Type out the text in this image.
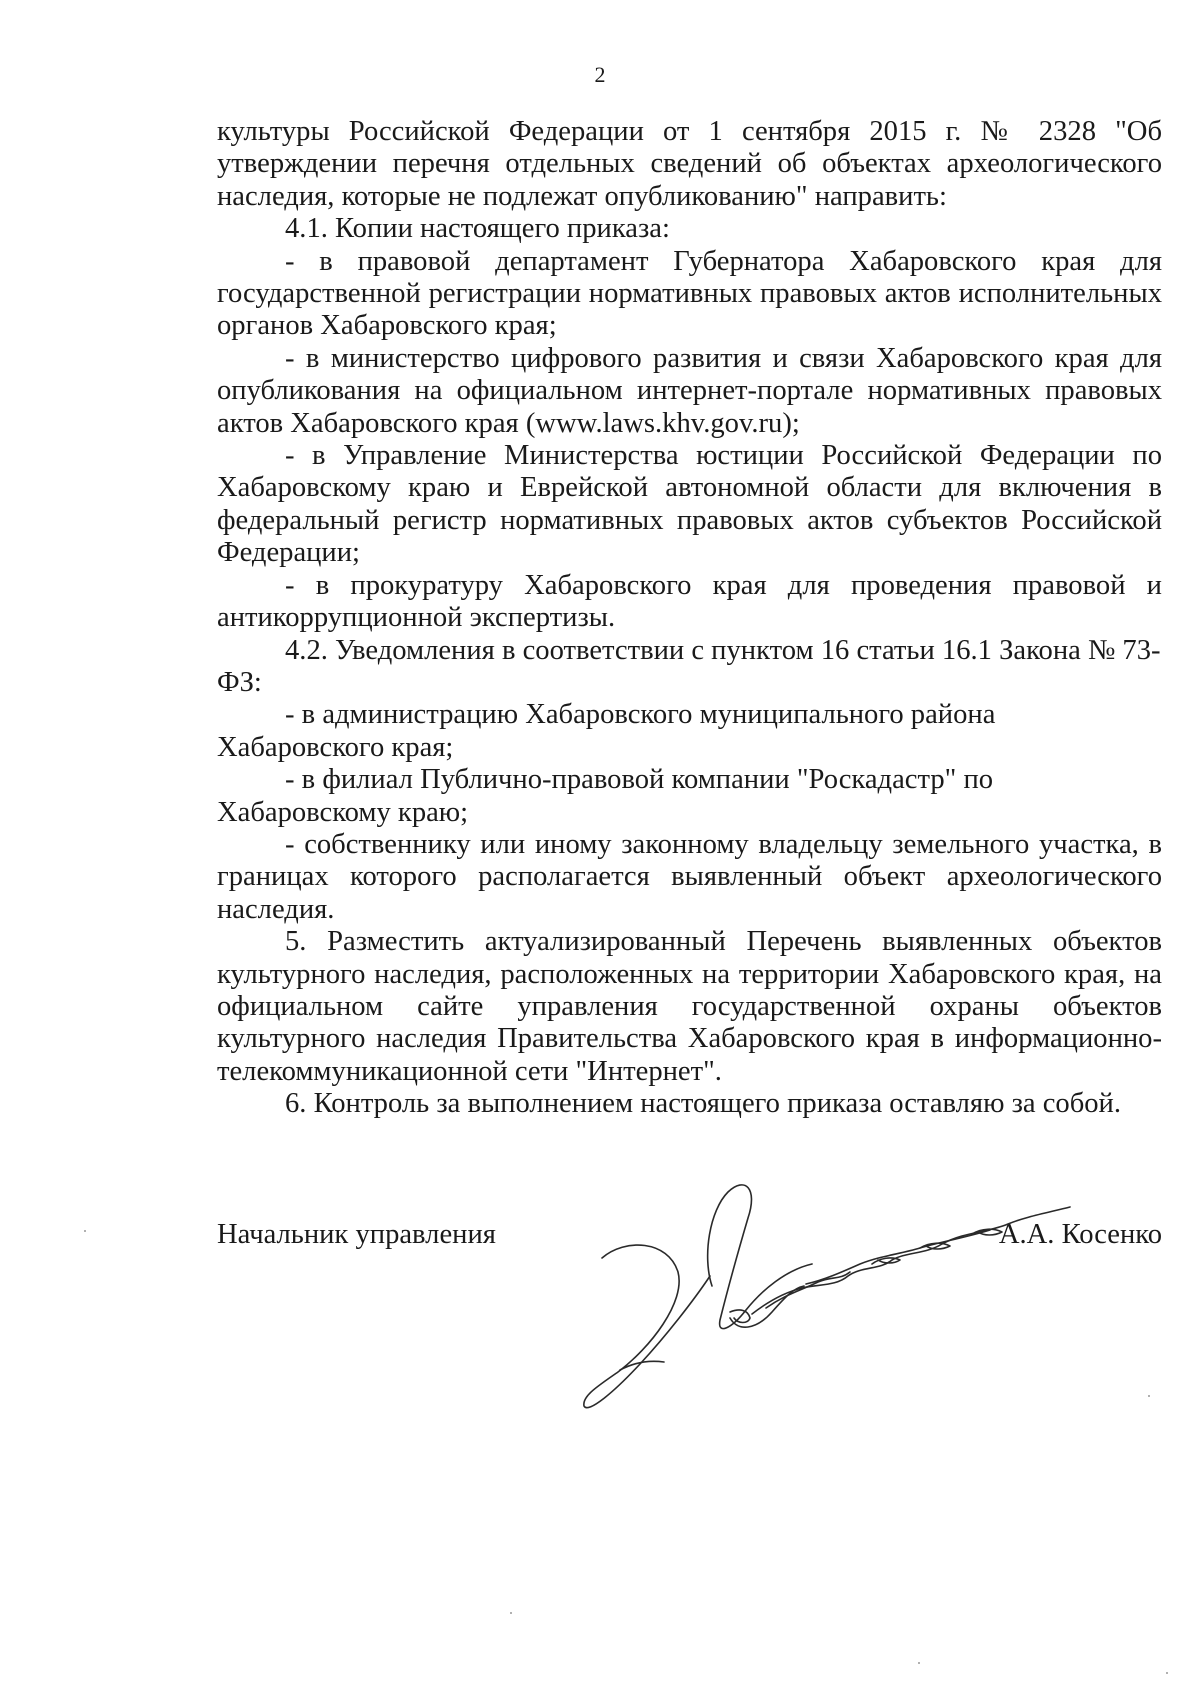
2

культуры Российской Федерации от 1 сентября 2015 г. № 2328 "Об утверждении перечня отдельных сведений об объектах археологического наследия, которые не подлежат опубликованию" направить:

4.1. Копии настоящего приказа:

- в правовой департамент Губернатора Хабаровского края для государственной регистрации нормативных правовых актов исполнительных органов Хабаровского края;

- в министерство цифрового развития и связи Хабаровского края для опубликования на официальном интернет-портале нормативных правовых актов Хабаровского края (www.laws.khv.gov.ru);

- в Управление Министерства юстиции Российской Федерации по Хабаровскому краю и Еврейской автономной области для включения в федеральный регистр нормативных правовых актов субъектов Российской Федерации;

- в прокуратуру Хабаровского края для проведения правовой и антикоррупционной экспертизы.

4.2. Уведомления в соответствии с пунктом 16 статьи 16.1 Закона № 73-ФЗ:

- в администрацию Хабаровского муниципального района Хабаровского края;

- в филиал Публично-правовой компании "Роскадастр" по Хабаровскому краю;

- собственнику или иному законному владельцу земельного участка, в границах которого располагается выявленный объект археологического наследия.

5. Разместить актуализированный Перечень выявленных объектов культурного наследия, расположенных на территории Хабаровского края, на официальном сайте управления государственной охраны объектов культурного наследия Правительства Хабаровского края в информационно-телекоммуникационной сети "Интернет".

6. Контроль за выполнением настоящего приказа оставляю за собой.

Начальник управления	А.А. Косенко
